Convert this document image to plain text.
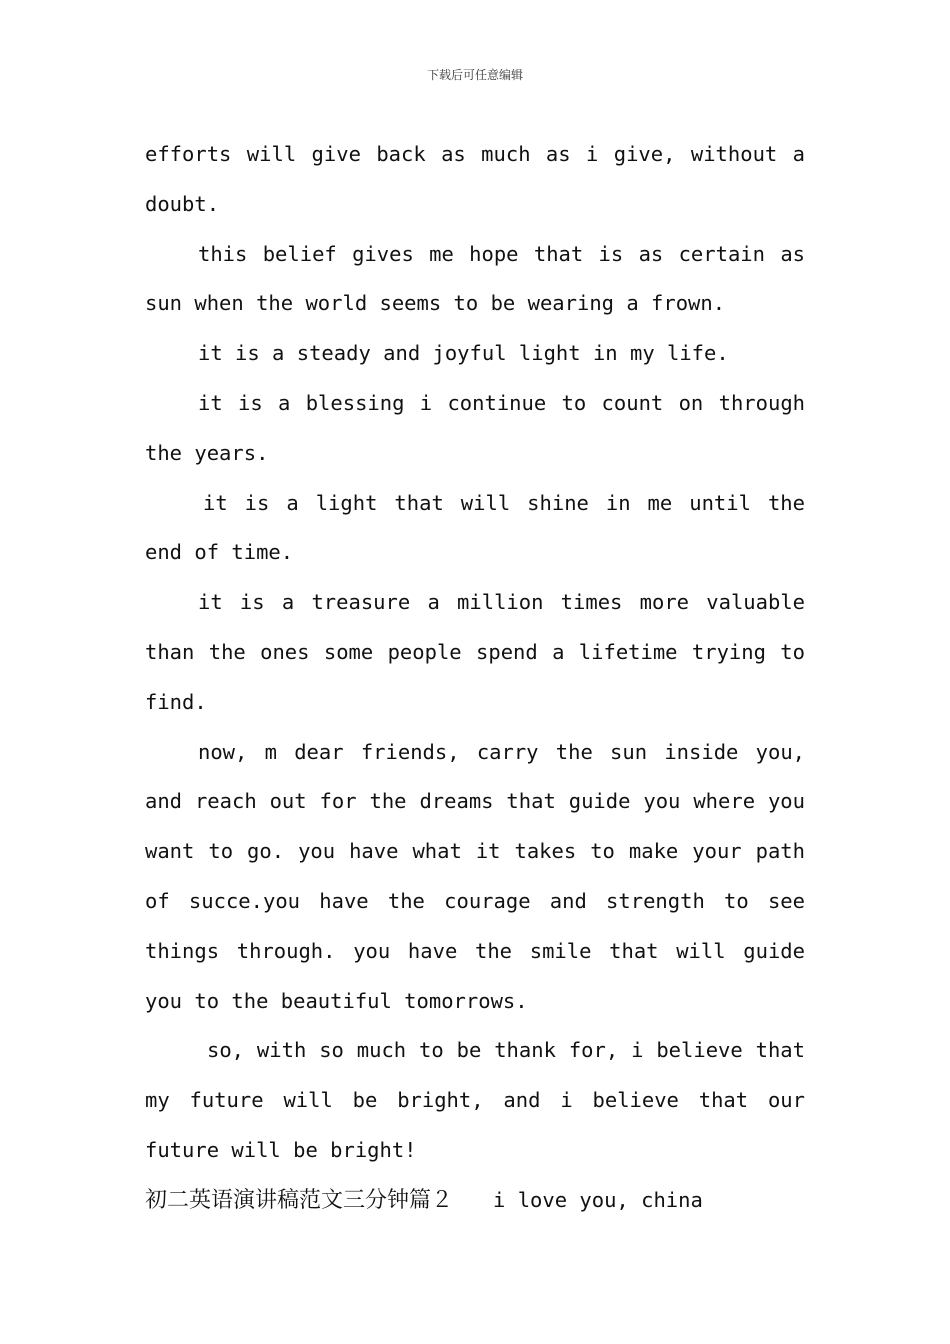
下载后可任意编辑

efforts will give back as much as i give, without a doubt.

this belief gives me hope that is as certain as sun when the world seems to be wearing a frown.

it is a steady and joyful light in my life.

it is a blessing i continue to count on through the years.

it is a light that will shine in me until the end of time.

it is a treasure a million times more valuable than the ones some people spend a lifetime trying to find.

now, m dear friends, carry the sun inside you, and reach out for the dreams that guide you where you want to go. you have what it takes to make your path of succe.you have the courage and strength to see things through. you have the smile that will guide you to the beautiful tomorrows.

so, with so much to be thank for, i believe that my future will be bright, and i believe that our future will be bright!

初二英语演讲稿范文三分钟篇２ i love you, china
